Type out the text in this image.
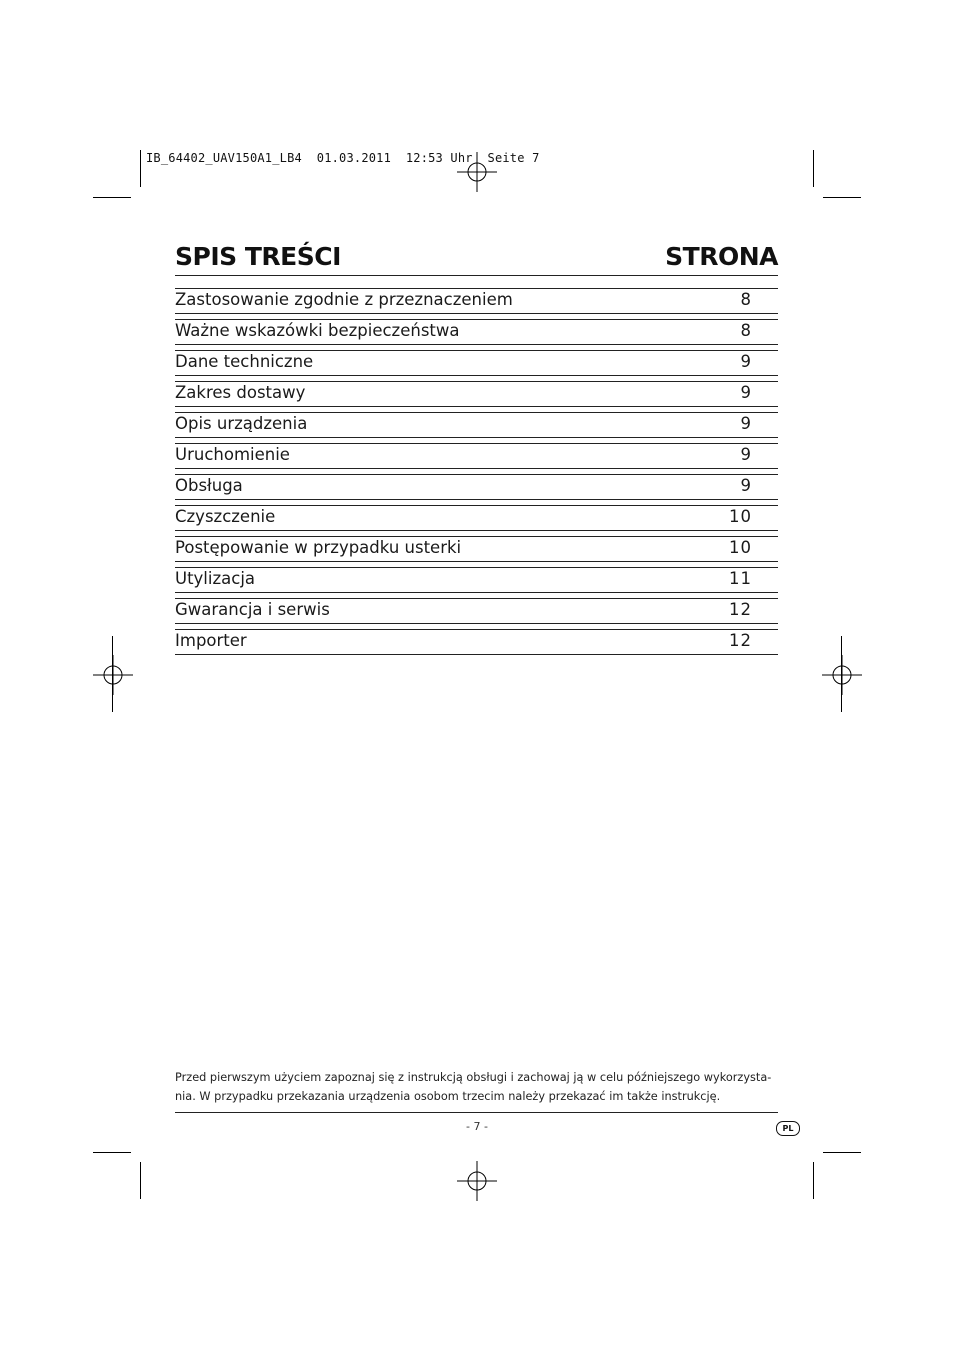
IB_64402_UAV150A1_LB4  01.03.2011  12:53 Uhr  Seite 7
SPIS TREŚCI	STRONA
Zastosowanie zgodnie z przeznaczeniem	8
Ważne wskazówki bezpieczeństwa	8
Dane techniczne	9
Zakres dostawy	9
Opis urządzenia	9
Uruchomienie	9
Obsługa	9
Czyszczenie	10
Postępowanie w przypadku usterki	10
Utylizacja	11
Gwarancja i serwis	12
Importer	12
Przed pierwszym użyciem zapoznaj się z instrukcją obsługi i zachowaj ją w celu późniejszego wykorzysta-
nia. W przypadku przekazania urządzenia osobom trzecim należy przekazać im także instrukcję.
- 7 -	PL
